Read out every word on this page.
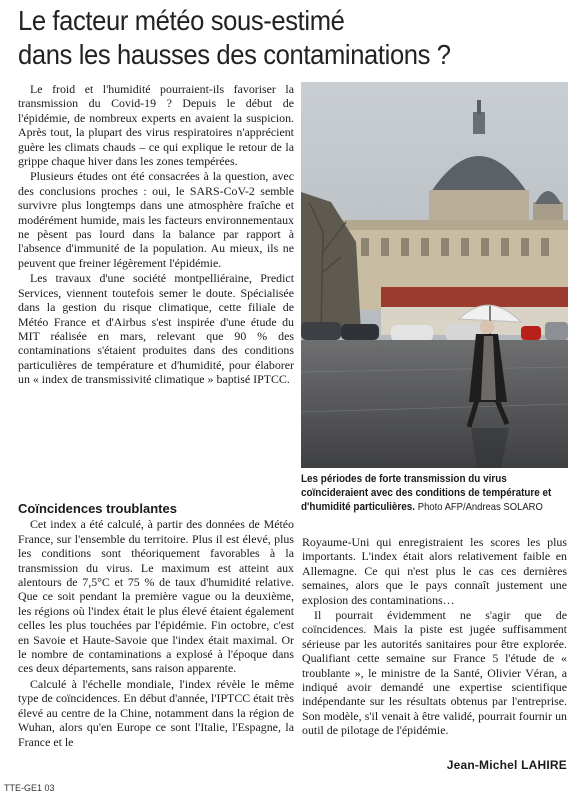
Le facteur météo sous-estimé
dans les hausses des contaminations ?

Le froid et l'humidité pourraient-ils favoriser la transmission du Covid-19 ? Depuis le début de l'épidémie, de nombreux experts en avaient la suspicion. Après tout, la plupart des virus respiratoires n'apprécient guère les climats chauds – ce qui explique le retour de la grippe chaque hiver dans les zones tempérées.

Plusieurs études ont été consacrées à la question, avec des conclusions proches : oui, le SARS-CoV-2 semble survivre plus longtemps dans une atmosphère fraîche et modérément humide, mais les facteurs environnementaux ne pèsent pas lourd dans la balance par rapport à l'absence d'immunité de la population. Au mieux, ils ne peuvent que freiner légèrement l'épidémie.

Les travaux d'une société montpelliéraine, Predict Services, viennent toutefois semer le doute. Spécialisée dans la gestion du risque climatique, cette filiale de Météo France et d'Airbus s'est inspirée d'une étude du MIT réalisée en mars, relevant que 90 % des contaminations s'étaient produites dans des conditions particulières de température et d'humidité, pour élaborer un « index de transmissivité climatique » baptisé IPTCC.

Coïncidences troublantes

Cet index a été calculé, à partir des données de Météo France, sur l'ensemble du territoire. Plus il est élevé, plus les conditions sont théoriquement favorables à la transmission du virus. Le maximum est atteint aux alentours de 7,5°C et 75 % de taux d'humidité relative. Que ce soit pendant la première vague ou la deuxième, les régions où l'index était le plus élevé étaient également celles les plus touchées par l'épidémie. Fin octobre, c'est en Savoie et Haute-Savoie que l'index était maximal. Or le nombre de contaminations a explosé à l'époque dans ces deux départements, sans raison apparente.

Calculé à l'échelle mondiale, l'index révèle le même type de coïncidences. En début d'année, l'IPTCC était très élevé au centre de la Chine, notamment dans la région de Wuhan, alors qu'en Europe ce sont l'Italie, l'Espagne, la France et le

Les périodes de forte transmission du virus coïncideraient avec des conditions de température et d'humidité particulières. Photo AFP/Andreas SOLARO

Royaume-Uni qui enregistraient les scores les plus importants. L'index était alors relativement faible en Allemagne. Ce qui n'est plus le cas ces dernières semaines, alors que le pays connaît justement une explosion des contaminations…

Il pourrait évidemment ne s'agir que de coïncidences. Mais la piste est jugée suffisamment sérieuse par les autorités sanitaires pour être explorée. Qualifiant cette semaine sur France 5 l'étude de « troublante », le ministre de la Santé, Olivier Véran, a indiqué avoir demandé une expertise scientifique indépendante sur les résultats obtenus par l'entreprise. Son modèle, s'il venait à être validé, pourrait fournir un outil de pilotage de l'épidémie.

Jean-Michel LAHIRE
TTE-GE1 03
